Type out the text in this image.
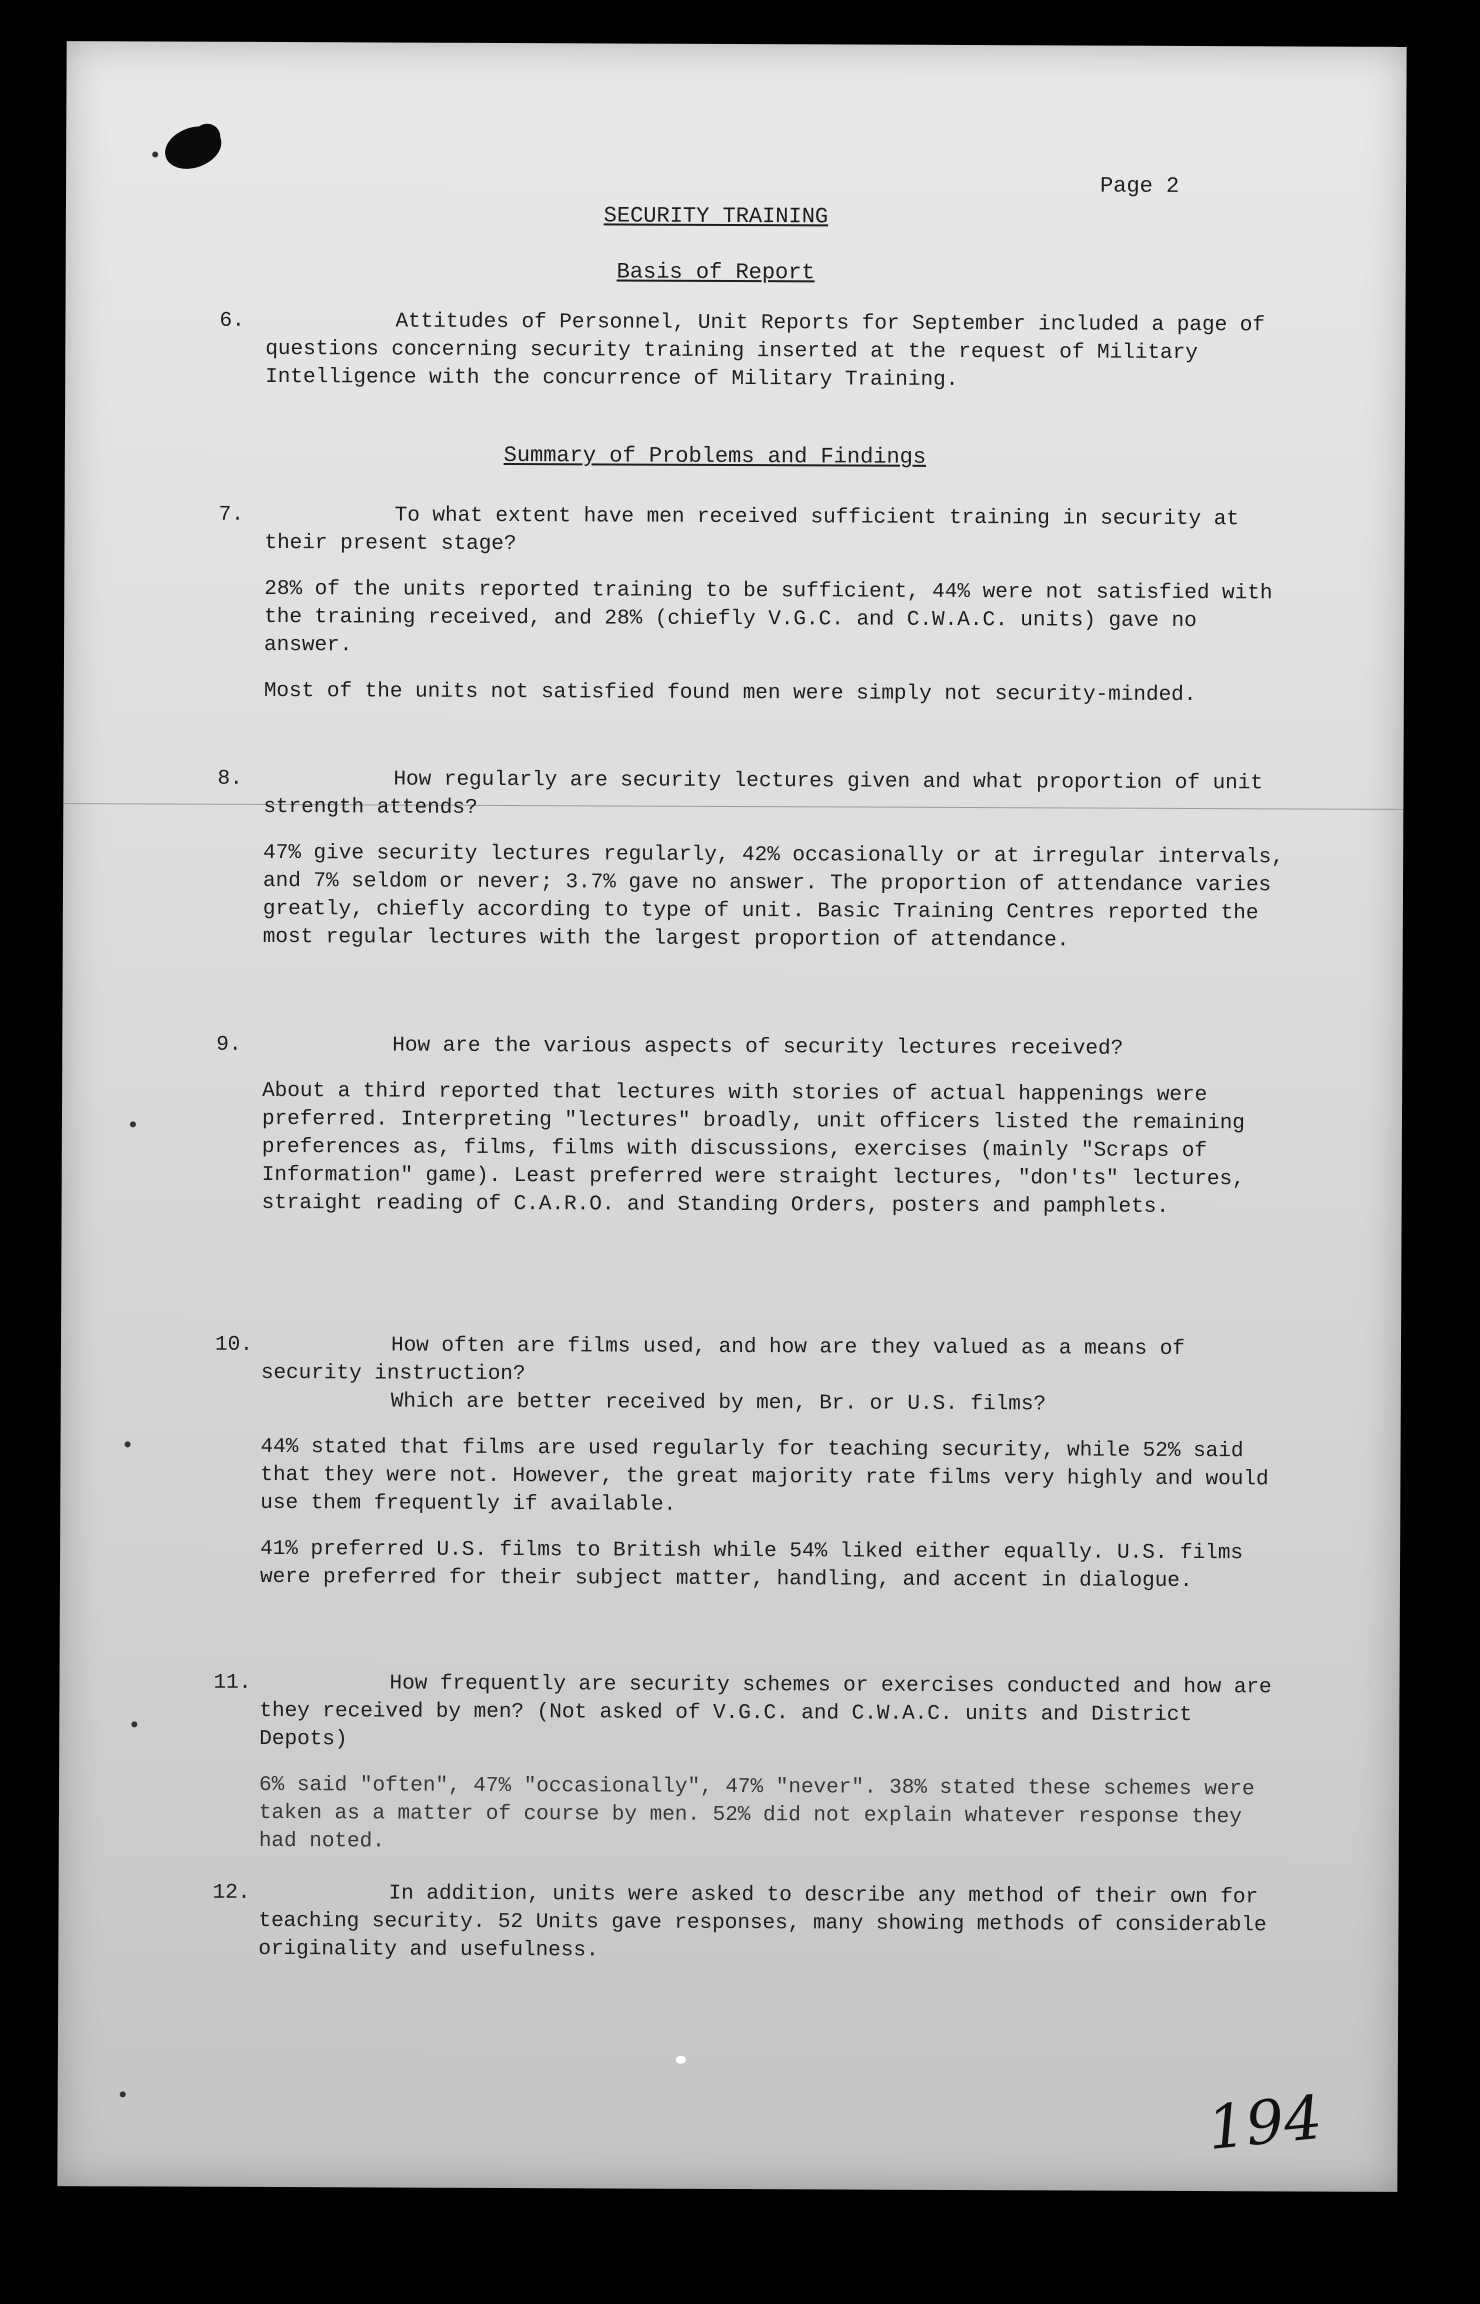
Page 2
SECURITY TRAINING
Basis of Report
6.	Attitudes of Personnel, Unit Reports for September included a page of questions concerning security training inserted at the request of Military Intelligence with the concurrence of Military Training.

Summary of Problems and Findings
7.	To what extent have men received sufficient training in security at their present stage?

28% of the units reported training to be sufficient, 44% were not satisfied with the training received, and 28% (chiefly V.G.C. and C.W.A.C. units) gave no answer.

Most of the units not satisfied found men were simply not security-minded.

8.	How regularly are security lectures given and what proportion of unit strength attends?

47% give security lectures regularly, 42% occasionally or at irregular intervals, and 7% seldom or never; 3.7% gave no answer. The proportion of attendance varies greatly, chiefly according to type of unit. Basic Training Centres reported the most regular lectures with the largest proportion of attendance.

9.	How are the various aspects of security lectures received?

About a third reported that lectures with stories of actual happenings were preferred. Interpreting "lectures" broadly, unit officers listed the remaining preferences as, films, films with discussions, exercises (mainly "Scraps of Information" game). Least preferred were straight lectures, "don'ts" lectures, straight reading of C.A.R.O. and Standing Orders, posters and pamphlets.

10.	How often are films used, and how are they valued as a means of security instruction?

Which are better received by men, Br. or U.S. films?

44% stated that films are used regularly for teaching security, while 52% said that they were not. However, the great majority rate films very highly and would use them frequently if available.

41% preferred U.S. films to British while 54% liked either equally. U.S. films were preferred for their subject matter, handling, and accent in dialogue.

11.	How frequently are security schemes or exercises conducted and how are they received by men? (Not asked of V.G.C. and C.W.A.C. units and District Depots)

6% said "often", 47% "occasionally", 47% "never". 38% stated these schemes were taken as a matter of course by men. 52% did not explain whatever response they had noted.

12.	In addition, units were asked to describe any method of their own for teaching security. 52 Units gave responses, many showing methods of considerable originality and usefulness.

194
